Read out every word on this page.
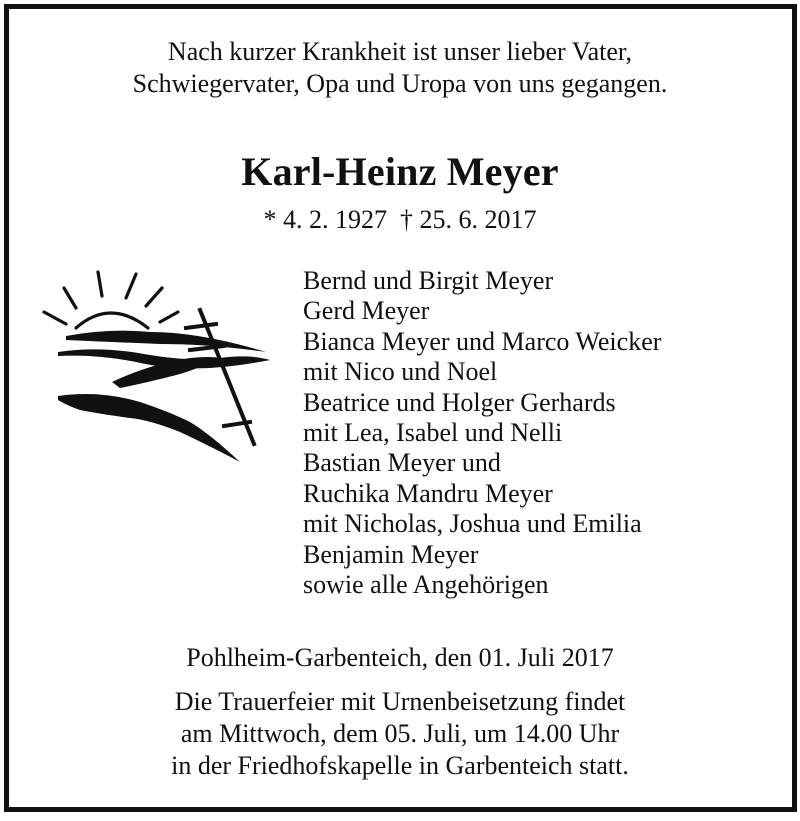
Nach kurzer Krankheit ist unser lieber Vater,
Schwiegervater, Opa und Uropa von uns gegangen.
Karl-Heinz Meyer
* 4. 2. 1927 † 25. 6. 2017
Bernd und Birgit Meyer
Gerd Meyer
Bianca Meyer und Marco Weicker
mit Nico und Noel
Beatrice und Holger Gerhards
mit Lea, Isabel und Nelli
Bastian Meyer und
Ruchika Mandru Meyer
mit Nicholas, Joshua und Emilia
Benjamin Meyer
sowie alle Angehörigen
Pohlheim-Garbenteich, den 01. Juli 2017
Die Trauerfeier mit Urnenbeisetzung findet
am Mittwoch, dem 05. Juli, um 14.00 Uhr
in der Friedhofskapelle in Garbenteich statt.
